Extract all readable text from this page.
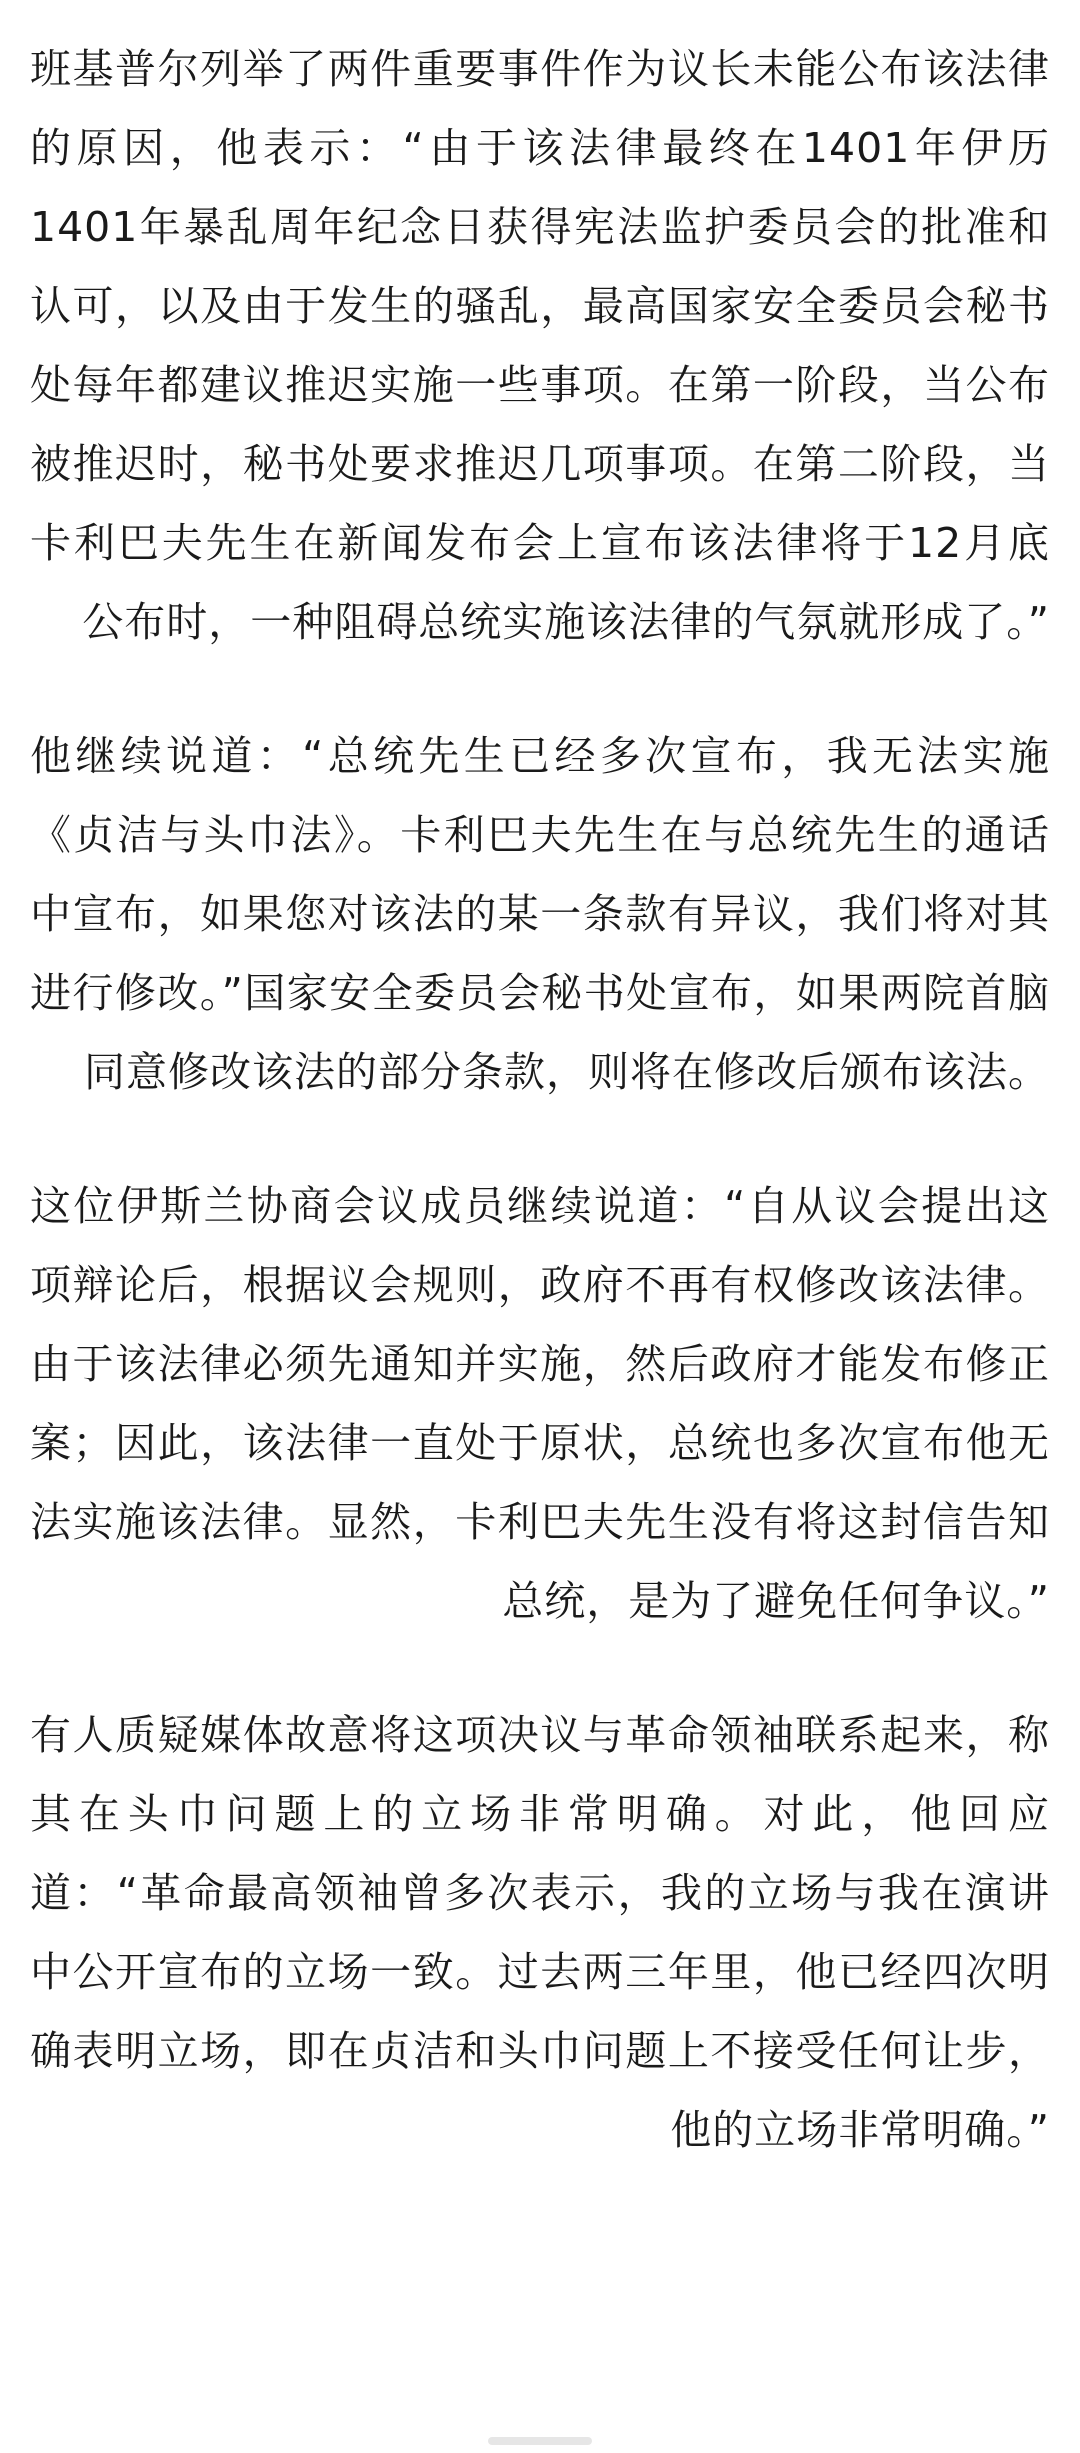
班基普尔列举了两件重要事件作为议长未能公布该法律的原因，他表示：“由于该法律最终在1401年伊历1401年暴乱周年纪念日获得宪法监护委员会的批准和认可，以及由于发生的骚乱，最高国家安全委员会秘书处每年都建议推迟实施一些事项。在第一阶段，当公布被推迟时，秘书处要求推迟几项事项。在第二阶段，当卡利巴夫先生在新闻发布会上宣布该法律将于12月底公布时，一种阻碍总统实施该法律的气氛就形成了。”

他继续说道：“总统先生已经多次宣布，我无法实施《贞洁与头巾法》。卡利巴夫先生在与总统先生的通话中宣布，如果您对该法的某一条款有异议，我们将对其进行修改。”国家安全委员会秘书处宣布，如果两院首脑同意修改该法的部分条款，则将在修改后颁布该法。

这位伊斯兰协商会议成员继续说道：“自从议会提出这项辩论后，根据议会规则，政府不再有权修改该法律。由于该法律必须先通知并实施，然后政府才能发布修正案；因此，该法律一直处于原状，总统也多次宣布他无法实施该法律。显然，卡利巴夫先生没有将这封信告知总统，是为了避免任何争议。”

有人质疑媒体故意将这项决议与革命领袖联系起来，称其在头巾问题上的立场非常明确。对此，他回应道：“革命最高领袖曾多次表示，我的立场与我在演讲中公开宣布的立场一致。过去两三年里，他已经四次明确表明立场，即在贞洁和头巾问题上不接受任何让步，他的立场非常明确。”
